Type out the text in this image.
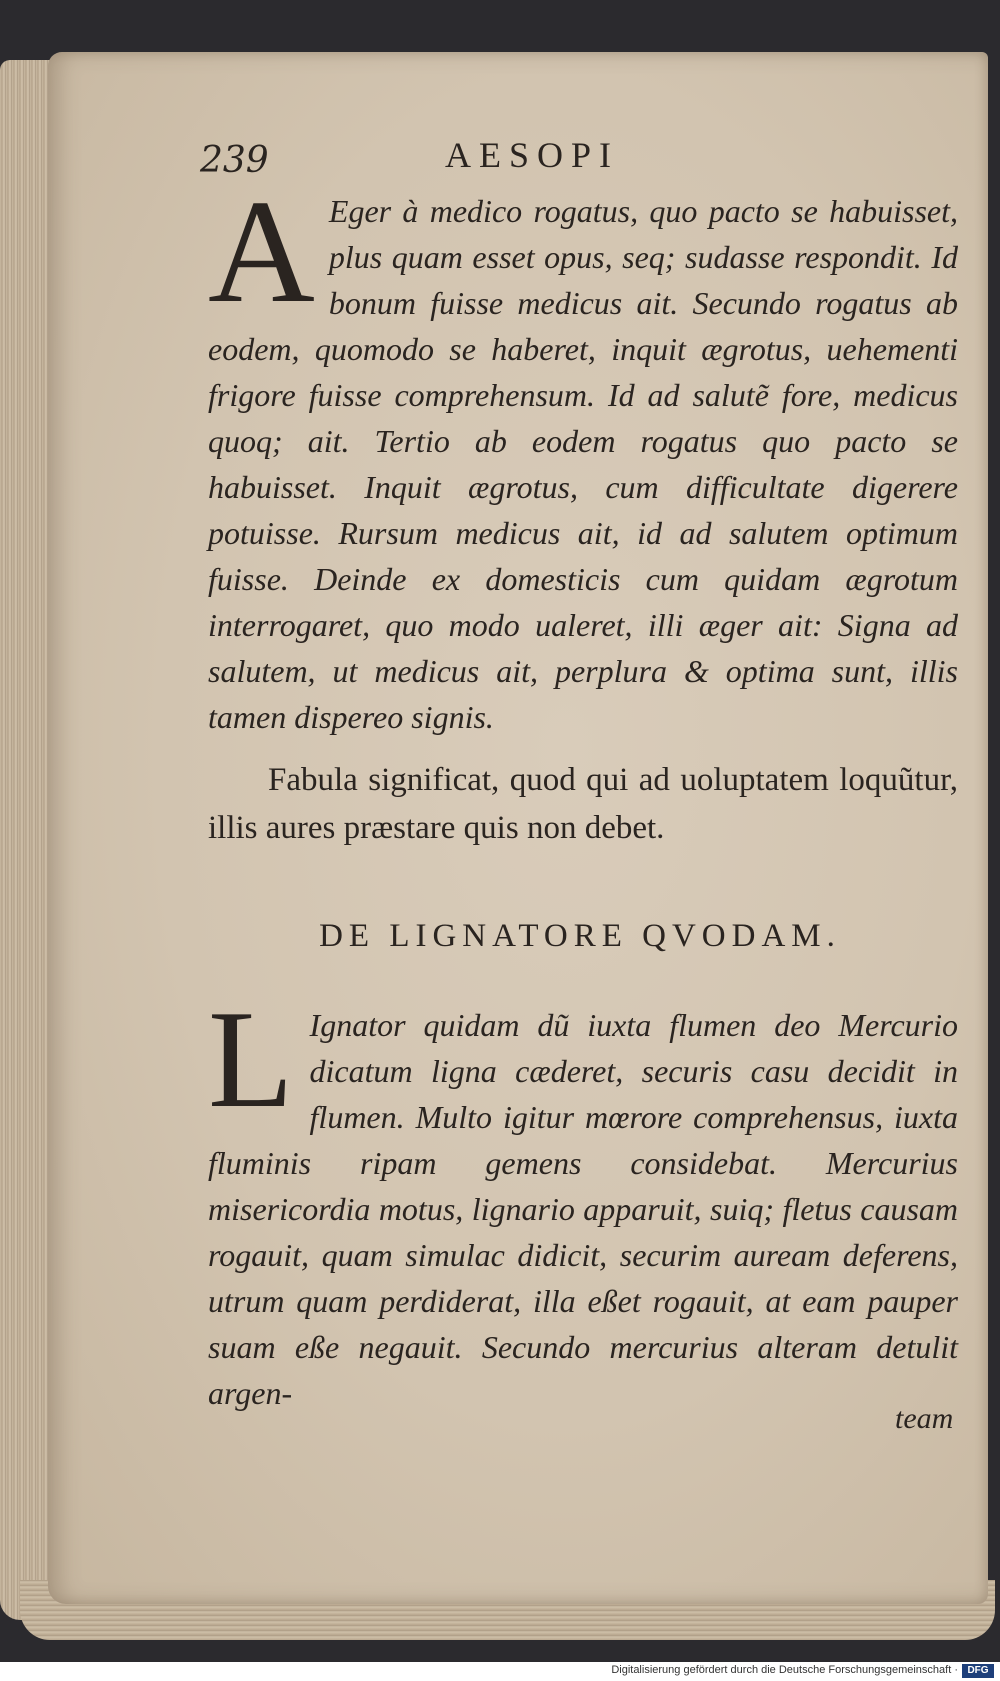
239	AESOPI
A Eger à medico rogatus, quo pacto se habuisset, plus quam esset opus, seq; sudasse respondit. Id bonum fuisse medicus ait. Secundo rogatus ab eodem, quomodo se haberet, inquit ægrotus, uehementi frigore fuisse comprehensum. Id ad salutẽ fore, medicus quoq; ait. Tertio ab eodem rogatus quo pacto se habuisset. Inquit ægrotus, cum difficultate digerere potuisse. Rursum medicus ait, id ad salutem optimum fuisse. Deinde ex domesticis cum quidam ægrotum interrogaret, quo modo ualeret, illi æger ait: Signa ad salutem, ut medicus ait, perplura & optima sunt, illis tamen dispereo signis.
Fabula significat, quod qui ad uoluptatem loquũtur, illis aures præstare quis non debet.
DE LIGNATORE QVODAM.
L Ignator quidam dũ iuxta flumen deo Mercurio dicatum ligna cæderet, securis casu decidit in flumen. Multo igitur mœrore comprehensus, iuxta fluminis ripam gemens considebat. Mercurius misericordia motus, lignario apparuit, suiq; fletus causam rogauit, quam simulac didicit, securim auream deferens, utrum quam perdiderat, illa eßet rogauit, at eam pauper suam eße negauit. Secundo mercurius alteram detulit argen-
team
Digitalisierung gefördert durch die Deutsche Forschungsgemeinschaft · DFG
